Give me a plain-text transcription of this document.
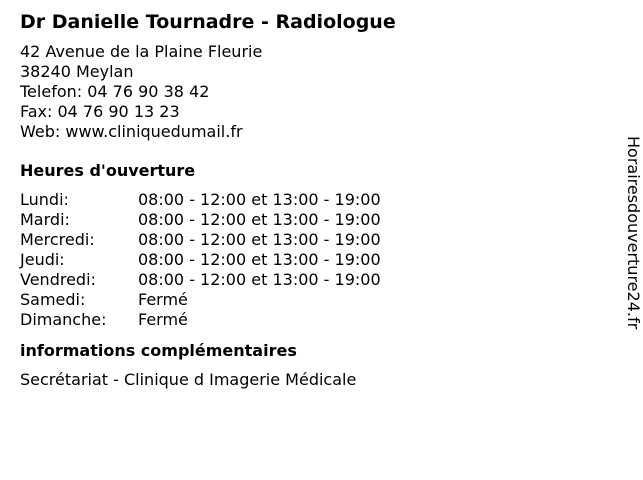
Dr Danielle Tournadre - Radiologue
42 Avenue de la Plaine Fleurie
38240 Meylan
Telefon: 04 76 90 38 42
Fax: 04 76 90 13 23
Web: www.cliniquedumail.fr
Heures d'ouverture
Lundi:	08:00 - 12:00 et 13:00 - 19:00
Mardi:	08:00 - 12:00 et 13:00 - 19:00
Mercredi:	08:00 - 12:00 et 13:00 - 19:00
Jeudi:	08:00 - 12:00 et 13:00 - 19:00
Vendredi:	08:00 - 12:00 et 13:00 - 19:00
Samedi:	Fermé
Dimanche:	Fermé
informations complémentaires
Secrétariat - Clinique d Imagerie Médicale
Horairesdouverture24.fr
